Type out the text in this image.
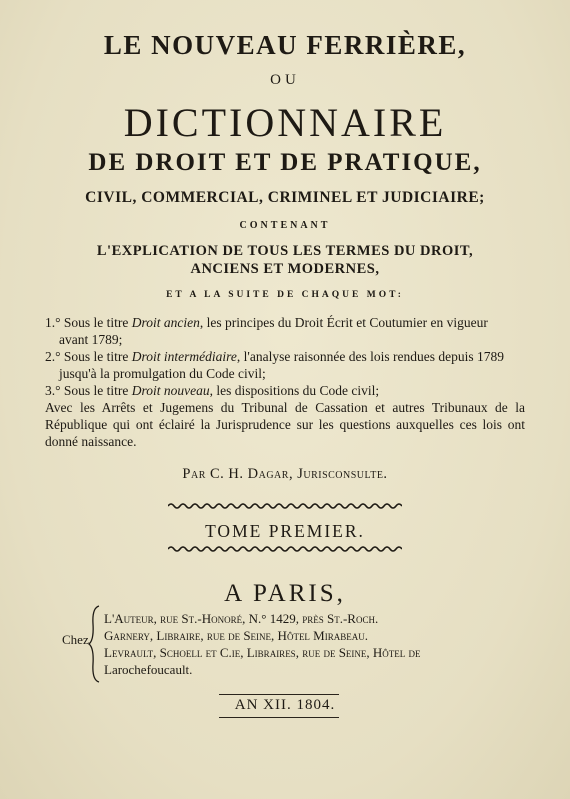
LE NOUVEAU FERRIÈRE,
OU
DICTIONNAIRE
DE DROIT ET DE PRATIQUE,
CIVIL, COMMERCIAL, CRIMINEL ET JUDICIAIRE;
CONTENANT
L'EXPLICATION DE TOUS LES TERMES DU DROIT,
ANCIENS ET MODERNES,
ET A LA SUITE DE CHAQUE MOT:
1.° Sous le titre Droit ancien, les principes du Droit Écrit et Coutumier en vigueur
avant 1789;
2.° Sous le titre Droit intermédiaire, l'analyse raisonnée des lois rendues depuis 1789
jusqu'à la promulgation du Code civil;
3.° Sous le titre Droit nouveau, les dispositions du Code civil;
Avec les Arrêts et Jugemens du Tribunal de Cassation et autres Tribunaux de la République qui ont éclairé la Jurisprudence sur les questions auxquelles ces lois ont donné naissance.
Par C. H. Dagar, Jurisconsulte.
TOME PREMIER.
A PARIS,
Chez
L'Auteur, rue St.-Honoré, N.° 1429, près St.-Roch.
Garnery, Libraire, rue de Seine, Hôtel Mirabeau.
Levrault, Schoell et C.ie, Libraires, rue de Seine, Hôtel de
Larochefoucault.
AN XII. 1804.
